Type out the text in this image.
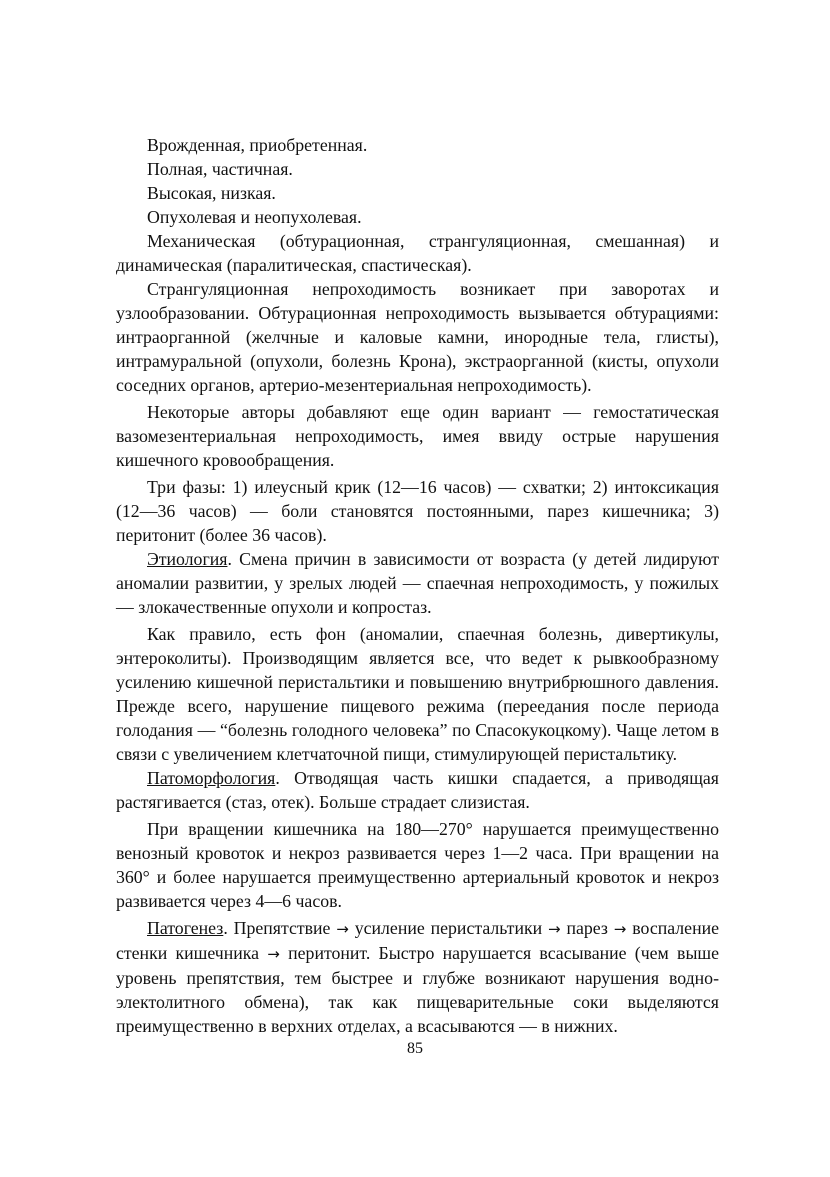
Врожденная, приобретенная.
Полная, частичная.
Высокая, низкая.
Опухолевая и неопухолевая.

Механическая (обтурационная, странгуляционная, смешанная) и динамическая (паралитическая, спастическая).

Странгуляционная непроходимость возникает при заворотах и узлообразовании. Обтурационная непроходимость вызывается обтурациями: интраорганной (желчные и каловые камни, инородные тела, глисты), интрамуральной (опухоли, болезнь Крона), экстраорганной (кисты, опухоли соседних органов, артерио-мезентериальная непроходимость).

Некоторые авторы добавляют еще один вариант — гемостатическая вазомезентериальная непроходимость, имея ввиду острые нарушения кишечного кровообращения.

Три фазы: 1) илеусный крик (12—16 часов) — схватки; 2) интоксикация (12—36 часов) — боли становятся постоянными, парез кишечника; 3) перитонит (более 36 часов).

Этиология. Смена причин в зависимости от возраста (у детей лидируют аномалии развитии, у зрелых людей — спаечная непроходимость, у пожилых — злокачественные опухоли и копростаз.

Как правило, есть фон (аномалии, спаечная болезнь, дивертикулы, энтероколиты). Производящим является все, что ведет к рывкообразному усилению кишечной перистальтики и повышению внутрибрюшного давления. Прежде всего, нарушение пищевого режима (переедания после периода голодания — “болезнь голодного человека” по Спасокукоцкому). Чаще летом в связи с увеличением клетчаточной пищи, стимулирующей перистальтику.

Патоморфология. Отводящая часть кишки спадается, а приводящая растягивается (стаз, отек). Больше страдает слизистая.

При вращении кишечника на 180—270° нарушается преимущественно венозный кровоток и некроз развивается через 1—2 часа. При вращении на 360° и более нарушается преимущественно артериальный кровоток и некроз развивается через 4—6 часов.

Патогенез. Препятствие → усиление перистальтики → парез → воспаление стенки кишечника → перитонит. Быстро нарушается всасывание (чем выше уровень препятствия, тем быстрее и глубже возникают нарушения водно-электолитного обмена), так как пищеварительные соки выделяются преимущественно в верхних отделах, а всасываются — в нижних.

85
